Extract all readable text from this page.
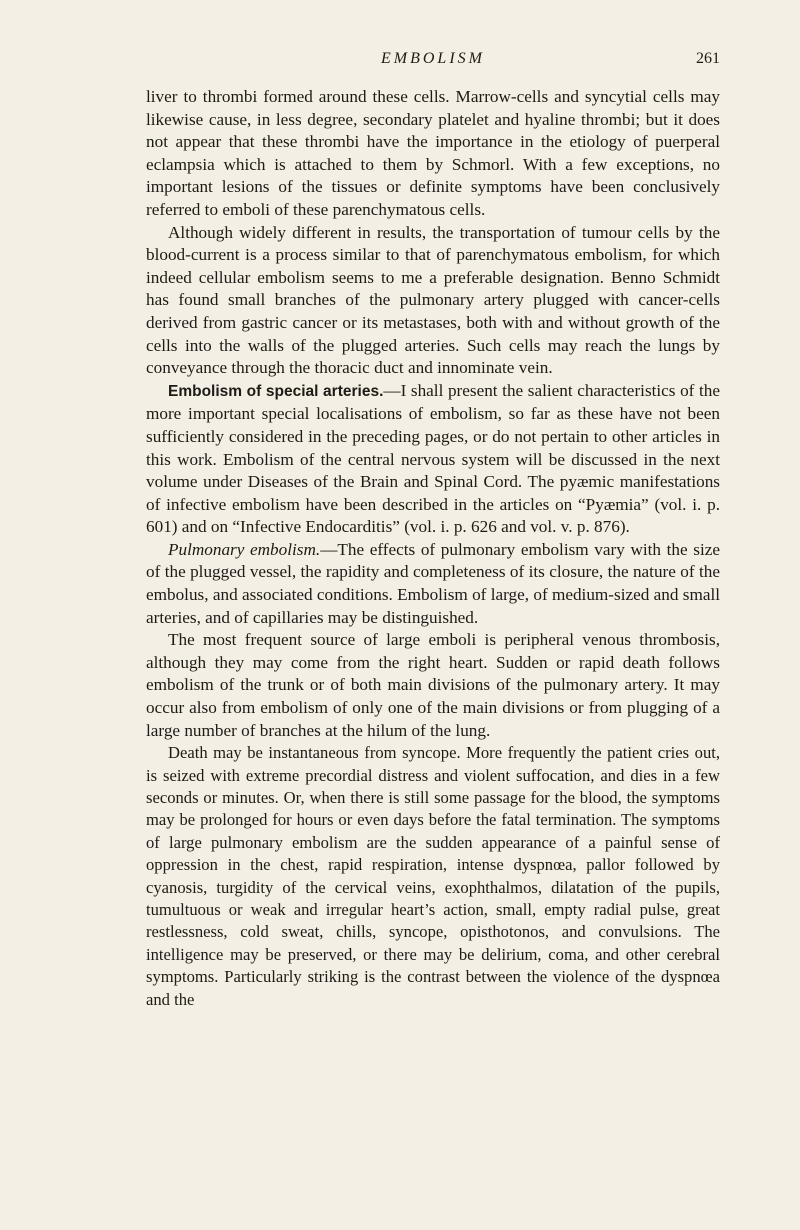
EMBOLISM	261

liver to thrombi formed around these cells. Marrow-cells and syncytial cells may likewise cause, in less degree, secondary platelet and hyaline thrombi; but it does not appear that these thrombi have the importance in the etiology of puerperal eclampsia which is attached to them by Schmorl. With a few exceptions, no important lesions of the tissues or definite symptoms have been conclusively referred to emboli of these parenchymatous cells.

Although widely different in results, the transportation of tumour cells by the blood-current is a process similar to that of parenchymatous embolism, for which indeed cellular embolism seems to me a preferable designation. Benno Schmidt has found small branches of the pulmonary artery plugged with cancer-cells derived from gastric cancer or its metastases, both with and without growth of the cells into the walls of the plugged arteries. Such cells may reach the lungs by conveyance through the thoracic duct and innominate vein.

Embolism of special arteries.—I shall present the salient characteristics of the more important special localisations of embolism, so far as these have not been sufficiently considered in the preceding pages, or do not pertain to other articles in this work. Embolism of the central nervous system will be discussed in the next volume under Diseases of the Brain and Spinal Cord. The pyæmic manifestations of infective embolism have been described in the articles on “Pyæmia” (vol. i. p. 601) and on “Infective Endocarditis” (vol. i. p. 626 and vol. v. p. 876).

Pulmonary embolism.—The effects of pulmonary embolism vary with the size of the plugged vessel, the rapidity and completeness of its closure, the nature of the embolus, and associated conditions. Embolism of large, of medium-sized and small arteries, and of capillaries may be distinguished.

The most frequent source of large emboli is peripheral venous thrombosis, although they may come from the right heart. Sudden or rapid death follows embolism of the trunk or of both main divisions of the pulmonary artery. It may occur also from embolism of only one of the main divisions or from plugging of a large number of branches at the hilum of the lung.

Death may be instantaneous from syncope. More frequently the patient cries out, is seized with extreme precordial distress and violent suffocation, and dies in a few seconds or minutes. Or, when there is still some passage for the blood, the symptoms may be prolonged for hours or even days before the fatal termination. The symptoms of large pulmonary embolism are the sudden appearance of a painful sense of oppression in the chest, rapid respiration, intense dyspnœa, pallor followed by cyanosis, turgidity of the cervical veins, exophthalmos, dilatation of the pupils, tumultuous or weak and irregular heart’s action, small, empty radial pulse, great restlessness, cold sweat, chills, syncope, opisthotonos, and convulsions. The intelligence may be preserved, or there may be delirium, coma, and other cerebral symptoms. Particularly striking is the contrast between the violence of the dyspnœa and the
